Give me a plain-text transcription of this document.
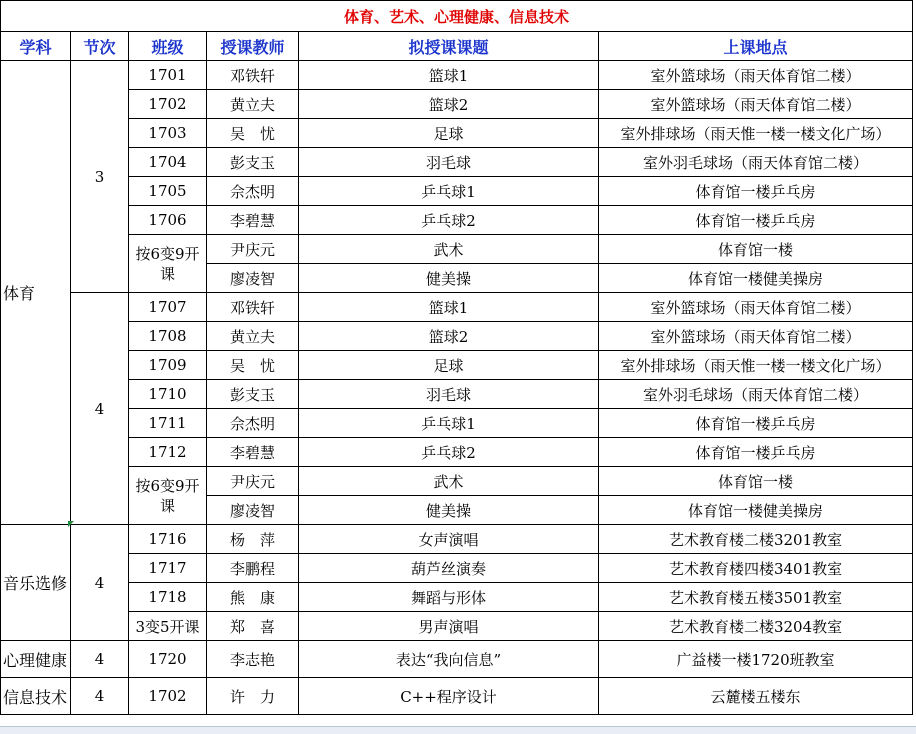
体育、艺术、心理健康、信息技术					
学科	节次	班级	授课教师	拟授课课题	上课地点
体育	3	1701	邓铁轩	篮球1	室外篮球场（雨天体育馆二楼）
		1702	黄立夫	篮球2	室外篮球场（雨天体育馆二楼）
		1703	吴　忧	足球	室外排球场（雨天惟一楼一楼文化广场）
		1704	彭支玉	羽毛球	室外羽毛球场（雨天体育馆二楼）
		1705	佘杰明	乒乓球1	体育馆一楼乒乓房
		1706	李碧慧	乒乓球2	体育馆一楼乒乓房
		按6变9开课	尹庆元	武术	体育馆一楼
			廖凌智	健美操	体育馆一楼健美操房
	4	1707	邓铁轩	篮球1	室外篮球场（雨天体育馆二楼）
		1708	黄立夫	篮球2	室外篮球场（雨天体育馆二楼）
		1709	吴　忧	足球	室外排球场（雨天惟一楼一楼文化广场）
		1710	彭支玉	羽毛球	室外羽毛球场（雨天体育馆二楼）
		1711	佘杰明	乒乓球1	体育馆一楼乒乓房
		1712	李碧慧	乒乓球2	体育馆一楼乒乓房
		按6变9开课	尹庆元	武术	体育馆一楼
			廖凌智	健美操	体育馆一楼健美操房
音乐选修	4	1716	杨　萍	女声演唱	艺术教育楼二楼3201教室
		1717	李鹏程	葫芦丝演奏	艺术教育楼四楼3401教室
		1718	熊　康	舞蹈与形体	艺术教育楼五楼3501教室
		3变5开课	郑　喜	男声演唱	艺术教育楼二楼3204教室
心理健康	4	1720	李志艳	表达“我向信息”	广益楼一楼1720班教室
信息技术	4	1702	许　力	C++程序设计	云麓楼五楼东
